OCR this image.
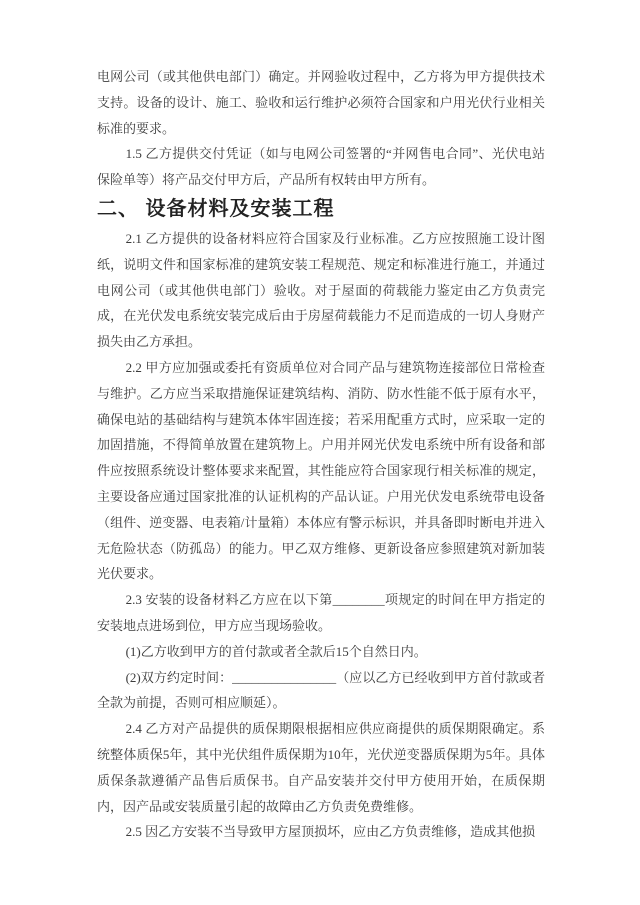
电网公司（或其他供电部门）确定。并网验收过程中，乙方将为甲方提供技术支持。设备的设计、施工、验收和运行维护必须符合国家和户用光伏行业相关标准的要求。

1.5 乙方提供交付凭证（如与电网公司签署的“并网售电合同”、光伏电站保险单等）将产品交付甲方后，产品所有权转由甲方所有。

二、 设备材料及安装工程

2.1 乙方提供的设备材料应符合国家及行业标准。乙方应按照施工设计图纸，说明文件和国家标准的建筑安装工程规范、规定和标准进行施工，并通过电网公司（或其他供电部门）验收。对于屋面的荷载能力鉴定由乙方负责完成，在光伏发电系统安装完成后由于房屋荷载能力不足而造成的一切人身财产损失由乙方承担。

2.2 甲方应加强或委托有资质单位对合同产品与建筑物连接部位日常检查与维护。乙方应当采取措施保证建筑结构、消防、防水性能不低于原有水平，确保电站的基础结构与建筑本体牢固连接；若采用配重方式时，应采取一定的加固措施，不得简单放置在建筑物上。户用并网光伏发电系统中所有设备和部件应按照系统设计整体要求来配置，其性能应符合国家现行相关标准的规定，主要设备应通过国家批准的认证机构的产品认证。户用光伏发电系统带电设备（组件、逆变器、电表箱/计量箱）本体应有警示标识，并具备即时断电并进入无危险状态（防孤岛）的能力。甲乙双方维修、更新设备应参照建筑对新加装光伏要求。

2.3 安装的设备材料乙方应在以下第________项规定的时间在甲方指定的安装地点进场到位，甲方应当现场验收。

(1)乙方收到甲方的首付款或者全款后15个自然日内。

(2)双方约定时间：________________（应以乙方已经收到甲方首付款或者全款为前提，否则可相应顺延）。

2.4 乙方对产品提供的质保期限根据相应供应商提供的质保期限确定。系统整体质保5年，其中光伏组件质保期为10年，光伏逆变器质保期为5年。具体质保条款遵循产品售后质保书。自产品安装并交付甲方使用开始，在质保期内，因产品或安装质量引起的故障由乙方负责免费维修。

2.5 因乙方安装不当导致甲方屋顶损坏，应由乙方负责维修，造成其他损
